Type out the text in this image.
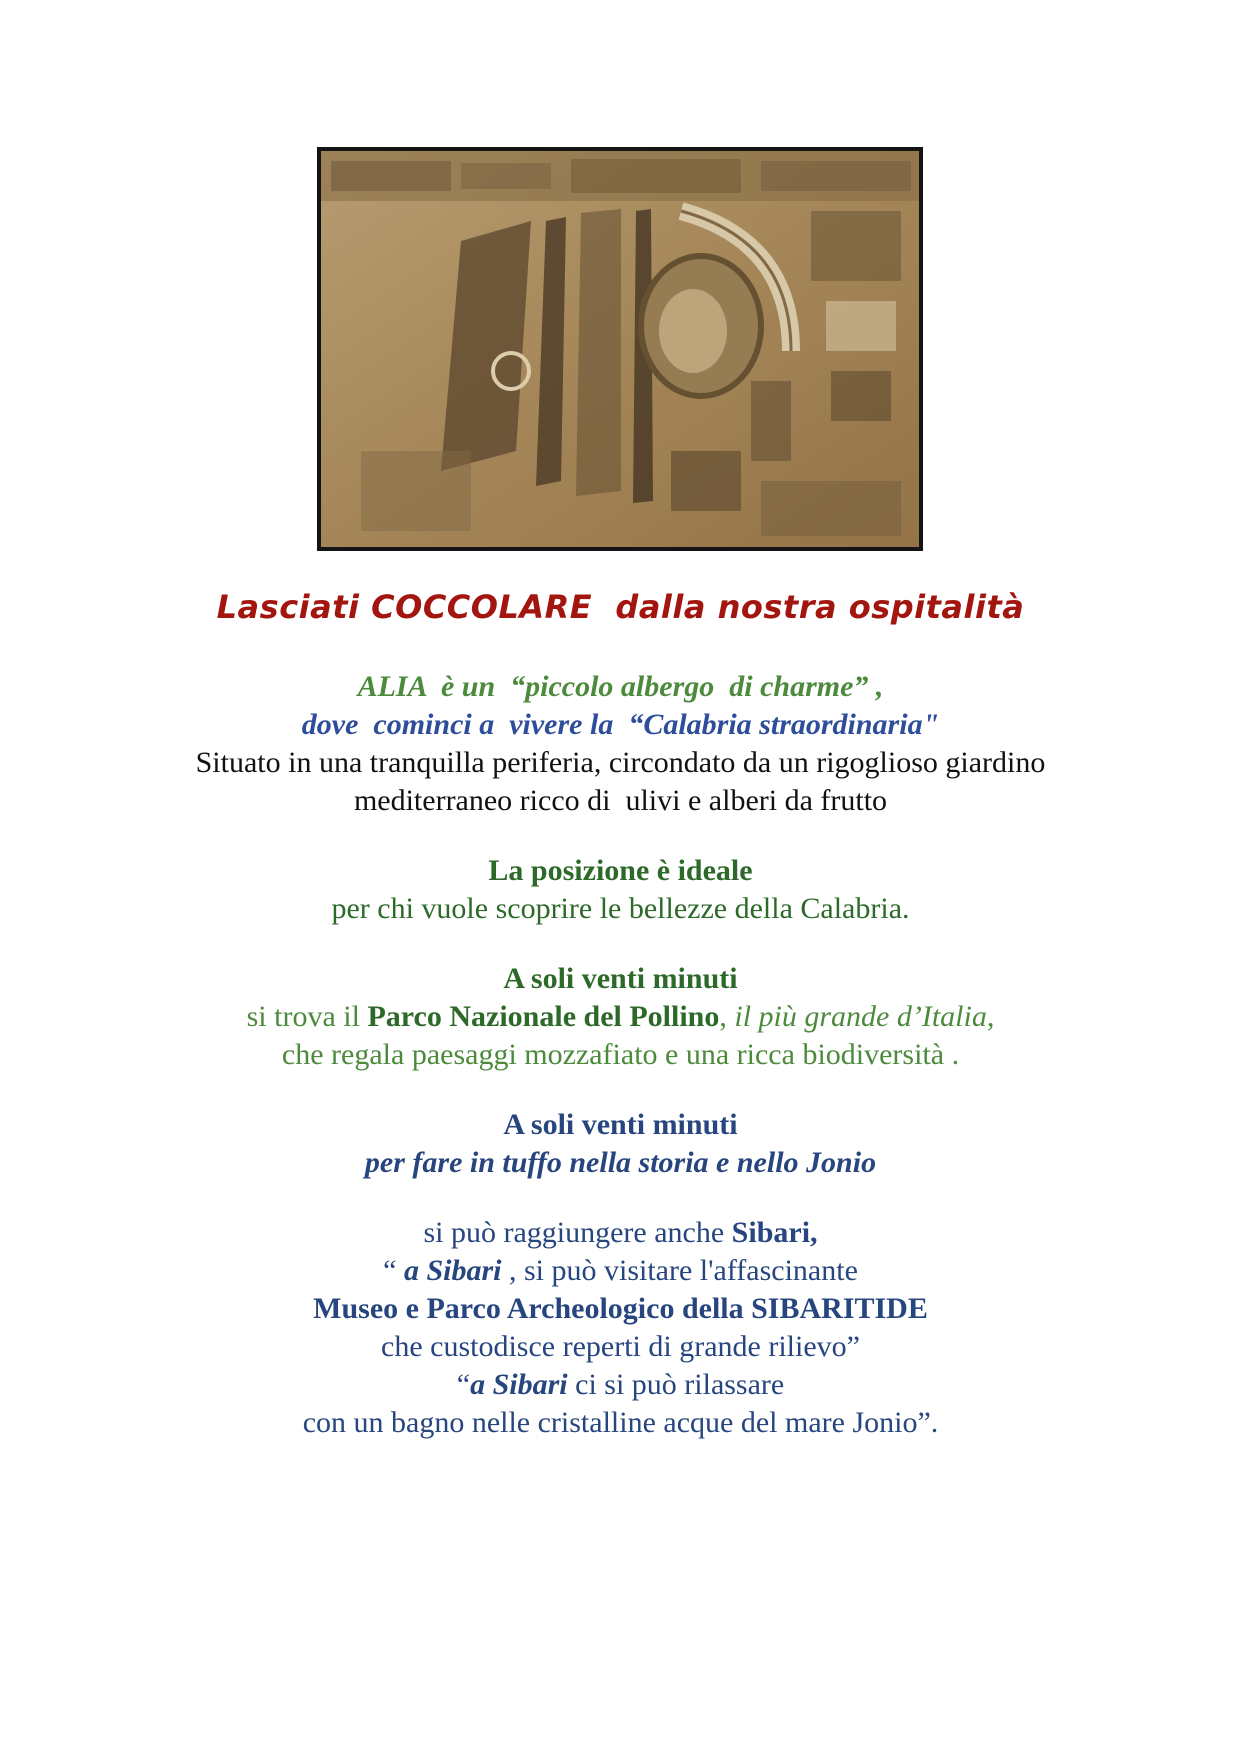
Lasciati COCCOLARE  dalla nostra ospitalità
ALIA  è un  “piccolo albergo  di charme” ,
dove  cominci a  vivere la  “Calabria straordinaria"
Situato in una tranquilla periferia, circondato da un rigoglioso giardino
mediterraneo ricco di  ulivi e alberi da frutto
La posizione è ideale
per chi vuole scoprire le bellezze della Calabria.
A soli venti minuti
si trova il Parco Nazionale del Pollino, il più grande d’Italia,
che regala paesaggi mozzafiato e una ricca biodiversità .
A soli venti minuti
per fare in tuffo nella storia e nello Jonio
si può raggiungere anche Sibari,
“ a Sibari , si può visitare l'affascinante
Museo e Parco Archeologico della SIBARITIDE
che custodisce reperti di grande rilievo”
“a Sibari ci si può rilassare
con un bagno nelle cristalline acque del mare Jonio”.
